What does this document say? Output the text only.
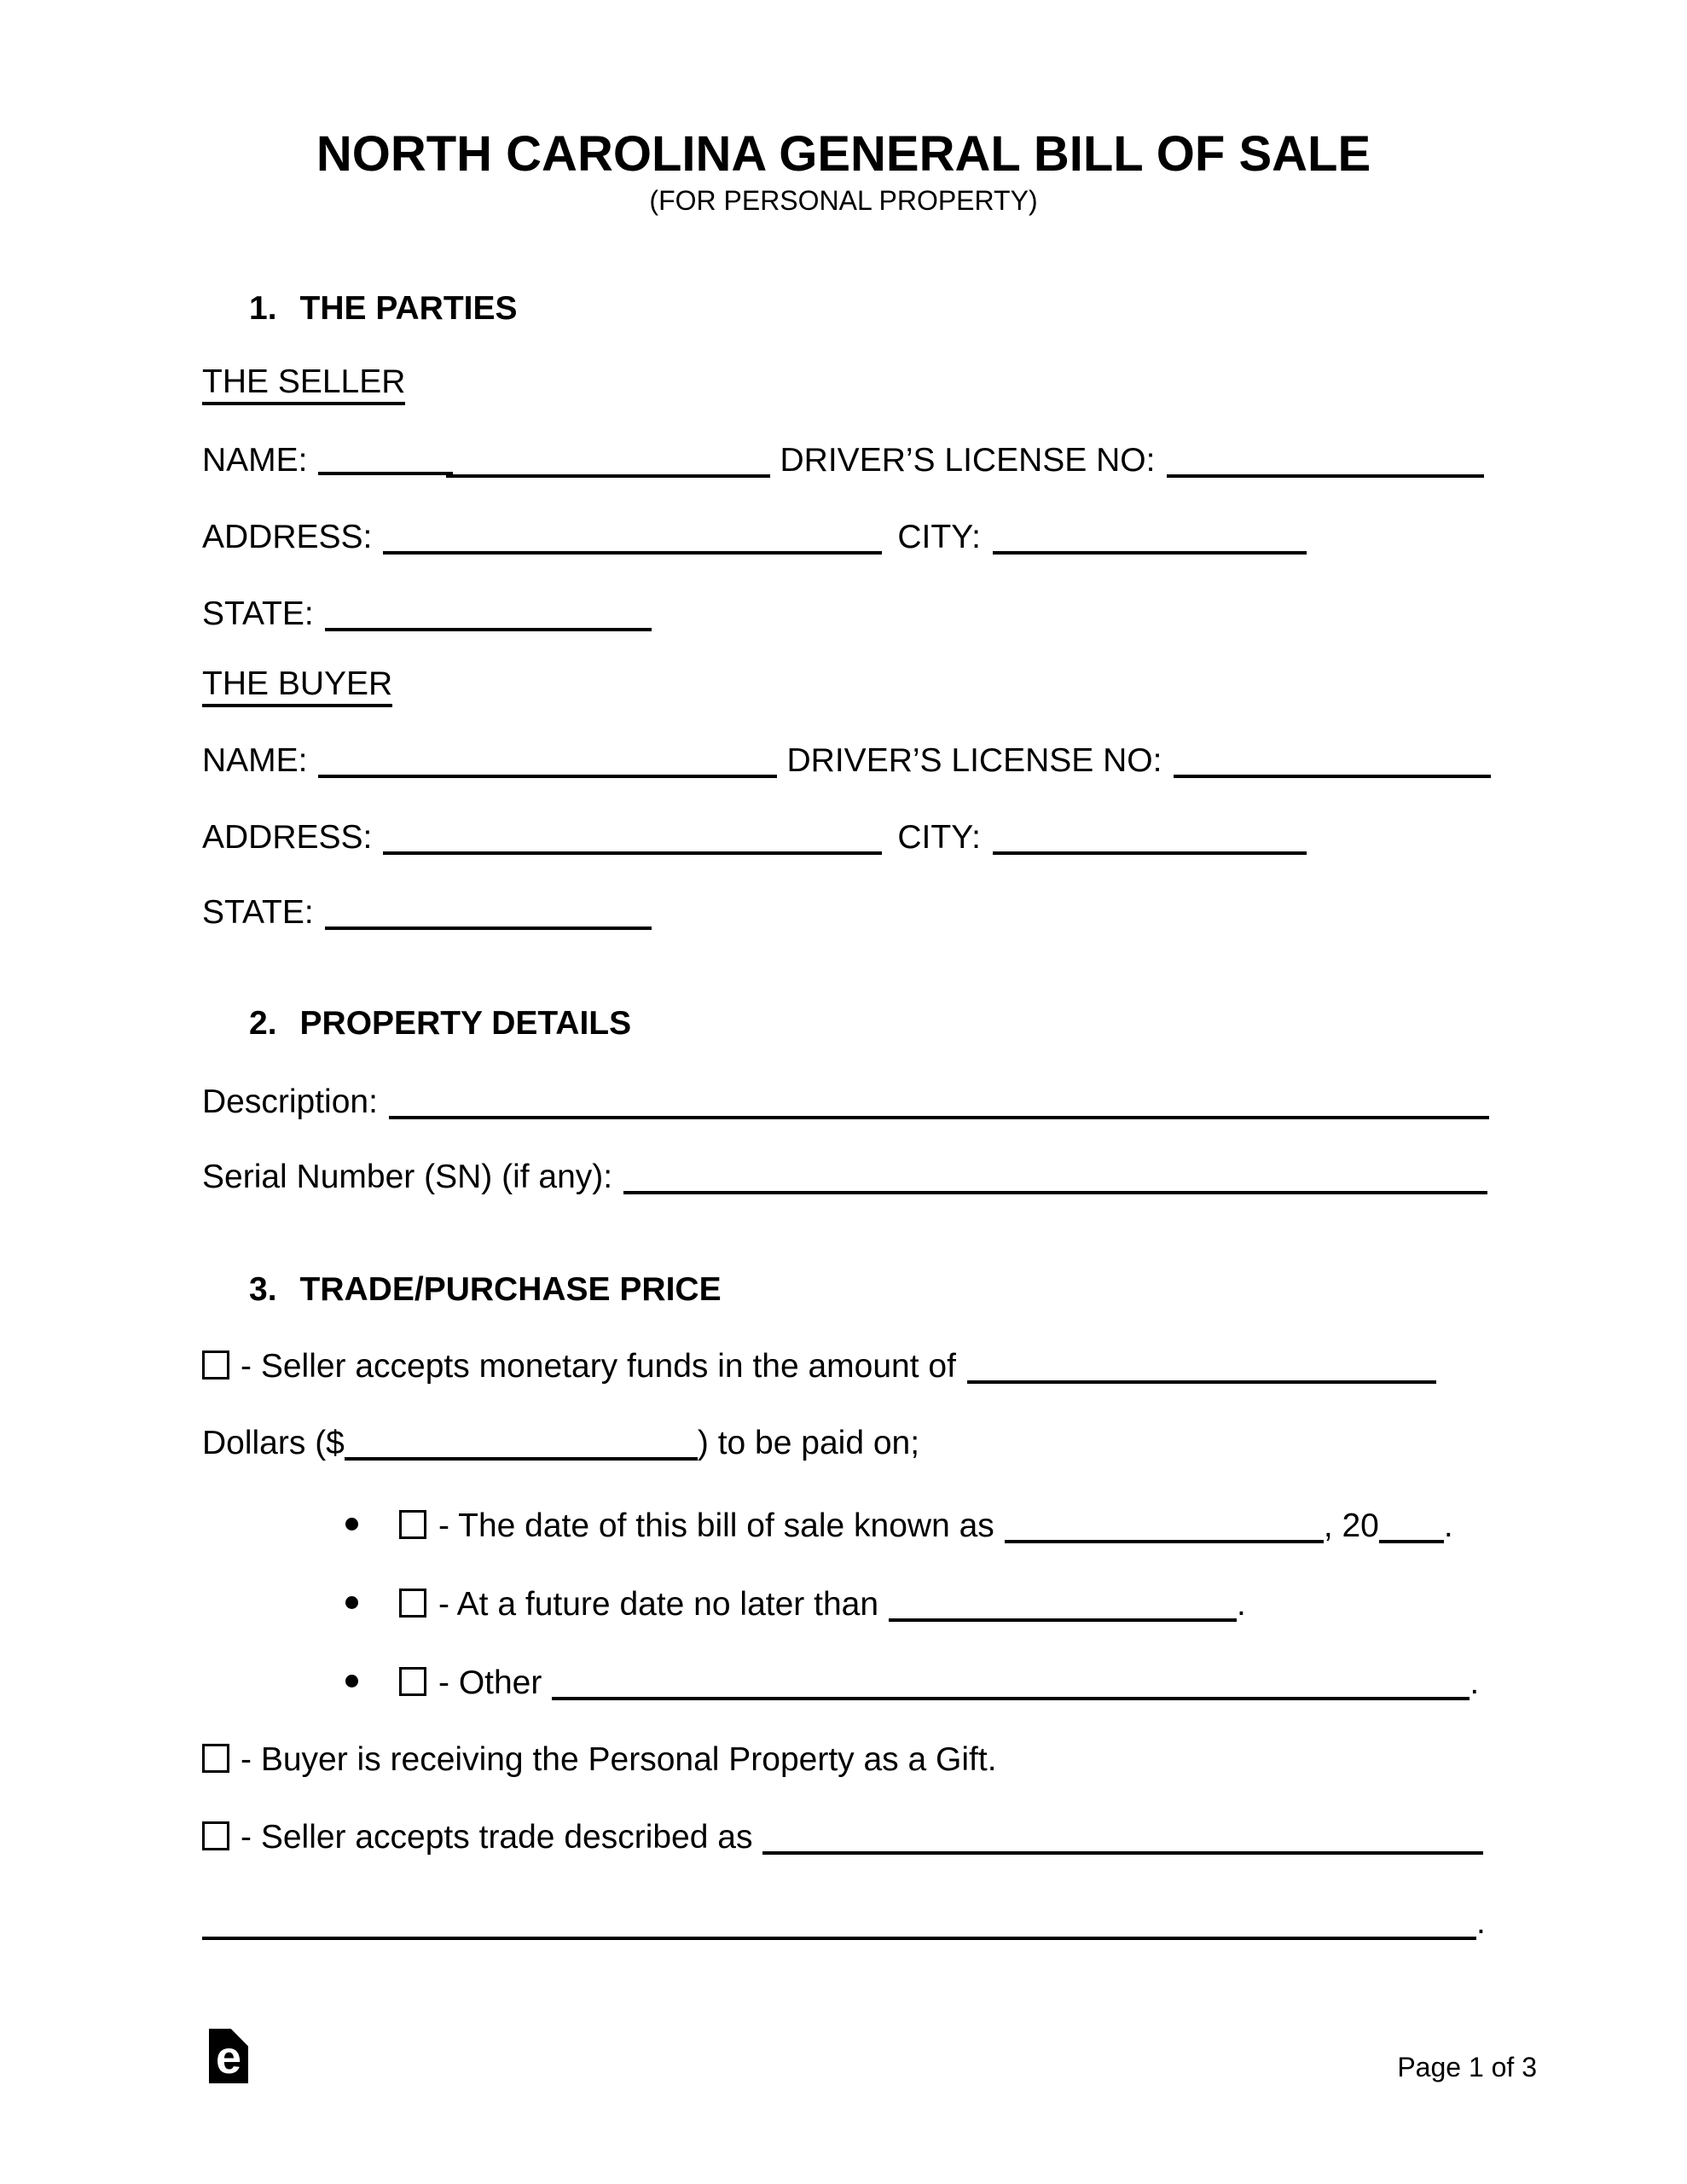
NORTH CAROLINA GENERAL BILL OF SALE
(FOR PERSONAL PROPERTY)
1. THE PARTIES
THE SELLER
NAME:	DRIVER’S LICENSE NO:
ADDRESS:	CITY:
STATE:
THE BUYER
NAME:	DRIVER’S LICENSE NO:
ADDRESS:	CITY:
STATE:
2. PROPERTY DETAILS
Description:
Serial Number (SN) (if any):
3. TRADE/PURCHASE PRICE
- Seller accepts monetary funds in the amount of
Dollars ($	) to be paid on;
- The date of this bill of sale known as	, 20 .
- At a future date no later than	.
- Other	.
- Buyer is receiving the Personal Property as a Gift.
- Seller accepts trade described as
.
e	Page 1 of 3
